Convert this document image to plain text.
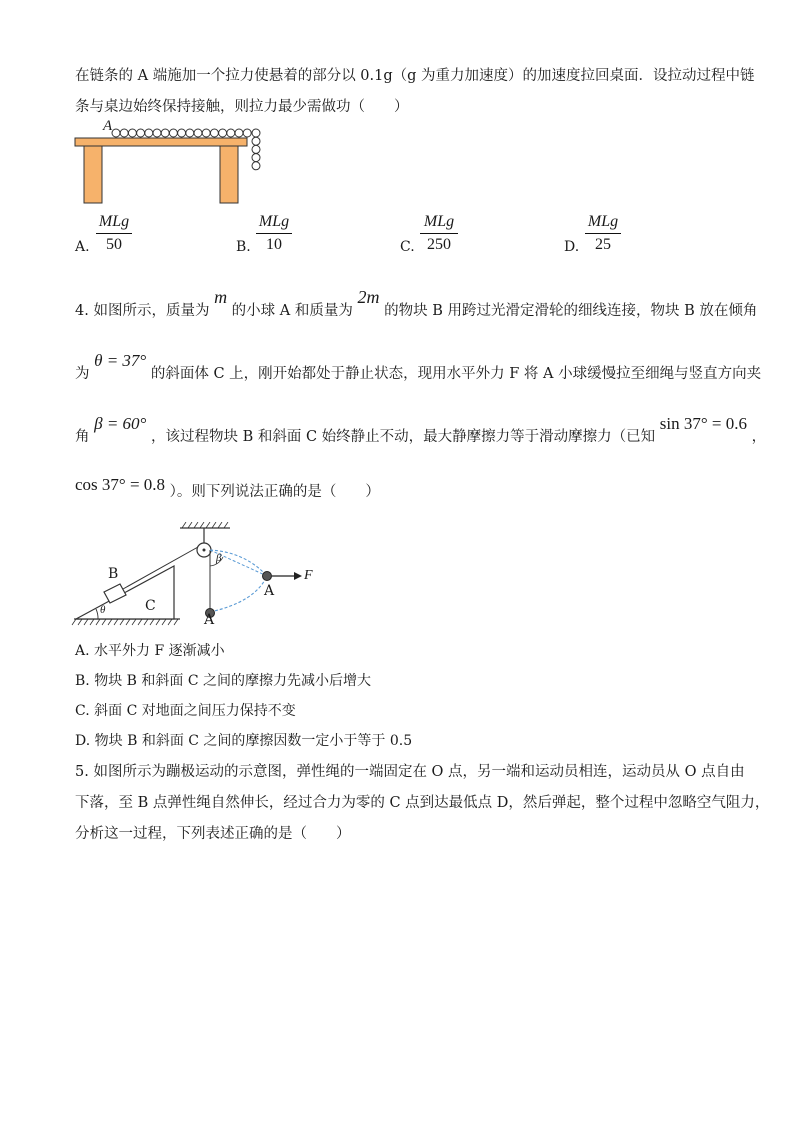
在链条的 A 端施加一个拉力使悬着的部分以 0.1g（g 为重力加速度）的加速度拉回桌面．设拉动过程中链
条与桌边始终保持接触，则拉力最少需做功（　　）
A
A.
MLg
50	B.
MLg
10	C.
MLg
250	D.
MLg
25
4. 如图所示，质量为 m 的小球 A 和质量为 2m 的物块 B 用跨过光滑定滑轮的细线连接，物块 B 放在倾角
为 θ = 37° 的斜面体 C 上，刚开始都处于静止状态，现用水平外力 F 将 A 小球缓慢拉至细绳与竖直方向夹
角 β = 60° ，该过程物块 B 和斜面 C 始终静止不动，最大静摩擦力等于滑动摩擦力（已知 sin 37° = 0.6 ，
cos 37° = 0.8 ）。则下列说法正确的是（　　）
B
C
θ
β
A
A
F
A. 水平外力 F 逐渐减小
B. 物块 B 和斜面 C 之间的摩擦力先减小后增大
C. 斜面 C 对地面之间压力保持不变
D. 物块 B 和斜面 C 之间的摩擦因数一定小于等于 0.5
5. 如图所示为蹦极运动的示意图，弹性绳的一端固定在 O 点，另一端和运动员相连，运动员从 O 点自由
下落，至 B 点弹性绳自然伸长，经过合力为零的 C 点到达最低点 D，然后弹起，整个过程中忽略空气阻力，
分析这一过程，下列表述正确的是（　　）
